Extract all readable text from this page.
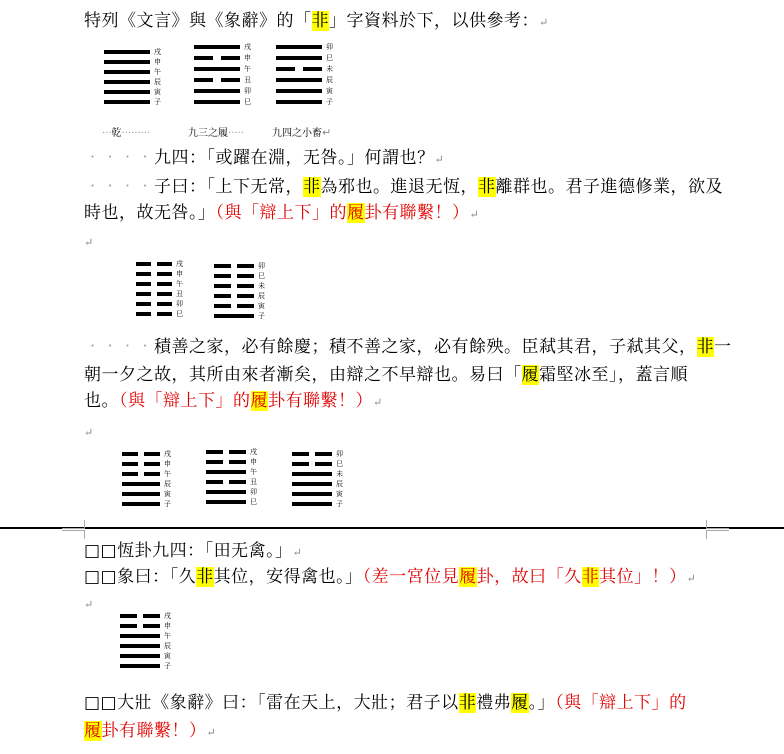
特列《文言》與《象辭》的「非」字資料於下，以供參考：↵
戌
申
午
辰
寅
子
戌
申
午
丑
卯
巳
卯
巳
未
辰
寅
子
‧‧‧乾‧‧‧‧‧‧‧‧‧	九三之履‧‧‧‧‧	九四之小畜↵
‧‧‧‧九四：「或躍在淵，无咎。」何謂也？↵
‧‧‧‧子曰：「上下无常，非為邪也。進退无恆，非離群也。君子進德修業，欲及
時也，故无咎。」（與「辯上下」的履卦有聯繫！）↵
↵
戌
申
午
丑
卯
巳
卯
巳
未
辰
寅
子
‧‧‧‧積善之家，必有餘慶；積不善之家，必有餘殃。臣弒其君，子弒其父，非一
朝一夕之故，其所由來者漸矣，由辯之不早辯也。易曰「履霜堅冰至」，蓋言順
也。（與「辯上下」的履卦有聯繫！）↵
↵
戌
申
午
辰
寅
子
戌
申
午
丑
卯
巳
卯
巳
未
辰
寅
子
□□恆卦九四：「田无禽。」↵
□□象曰：「久非其位，安得禽也。」（差一宮位見履卦，故曰「久非其位」！）↵
↵
戌
申
午
辰
寅
子
□□大壯《象辭》曰：「雷在天上，大壯；君子以非禮弗履。」（與「辯上下」的
履卦有聯繫！）↵
